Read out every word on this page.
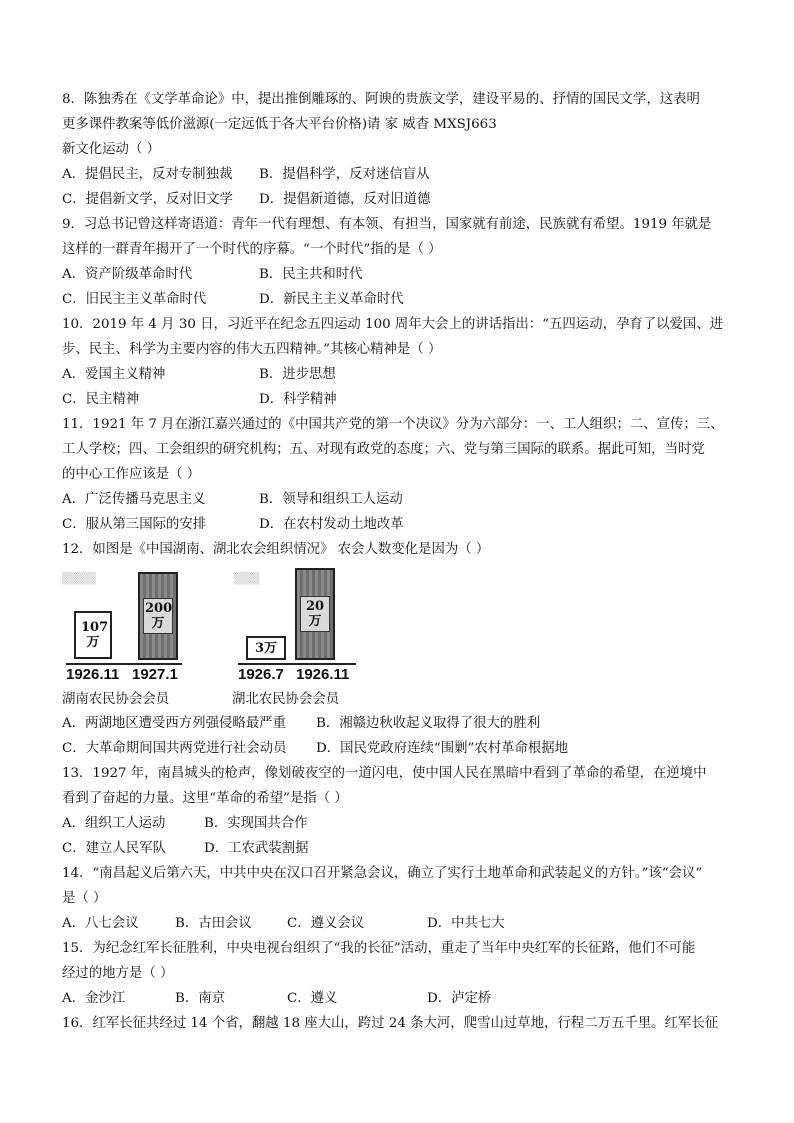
8．陈独秀在《文学革命论》中，提出推倒雕琢的、阿谀的贵族文学，建设平易的、抒情的国民文学，这表明
更多课件教案等低价滋源(一定远低于各大平台价格)请 家 威杳 MXSJ663
新文化运动（ ）
A．提倡民主，反对专制独裁 B．提倡科学，反对迷信盲从
C．提倡新文学，反对旧文学 D．提倡新道德，反对旧道德
9．习总书记曾这样寄语道：青年一代有理想、有本领、有担当，国家就有前途，民族就有希望。1919 年就是
这样的一群青年揭开了一个时代的序幕。“一个时代”指的是（ ）
A．资产阶级革命时代	B．民主共和时代
C．旧民主主义革命时代	D．新民主主义革命时代
10．2019 年 4 月 30 日，习近平在纪念五四运动 100 周年大会上的讲话指出：“五四运动，孕育了以爱国、进
步、民主、科学为主要内容的伟大五四精神。”其核心精神是（ ）
A．爱国主义精神	B．进步思想
C．民主精神	D．科学精神
11．1921 年 7 月在浙江嘉兴通过的《中国共产党的第一个决议》分为六部分：一、工人组织；二、宣传；三、
工人学校；四、工会组织的研究机构；五、对现有政党的态度；六、党与第三国际的联系。据此可知，当时党
的中心工作应该是（ ）
A．广泛传播马克思主义	B．领导和组织工人运动
C．服从第三国际的安排	D．在农村发动土地改革
12．如图是《中国湖南、湖北农会组织情况》 农会人数变化是因为（ ）
▒▒▒▒
107万
200万
1926.11 1927.1
湖南农民协会会员
▒▒▒
3万
20万
1926.7 1926.11
湖北农民协会会员
A．两湖地区遭受西方列强侵略最严重 B．湘赣边秋收起义取得了很大的胜利
C．大革命期间国共两党进行社会动员 D．国民党政府连续“围剿”农村革命根据地
13．1927 年，南昌城头的枪声，像划破夜空的一道闪电，使中国人民在黑暗中看到了革命的希望，在逆境中
看到了奋起的力量。这里“革命的希望”是指（ ）
A．组织工人运动	B．实现国共合作
C．建立人民军队	D．工农武装割据
14．“南昌起义后第六天，中共中央在汉口召开紧急会议，确立了实行土地革命和武装起义的方针。”该“会议”
是（ ）
A．八七会议	B．古田会议	C．遵义会议	D．中共七大
15．为纪念红军长征胜利，中央电视台组织了“我的长征”活动，重走了当年中央红军的长征路，他们不可能
经过的地方是（ ）
A．金沙江	B．南京	C．遵义	D．泸定桥
16．红军长征共经过 14 个省，翻越 18 座大山，跨过 24 条大河，爬雪山过草地，行程二万五千里。红军长征
